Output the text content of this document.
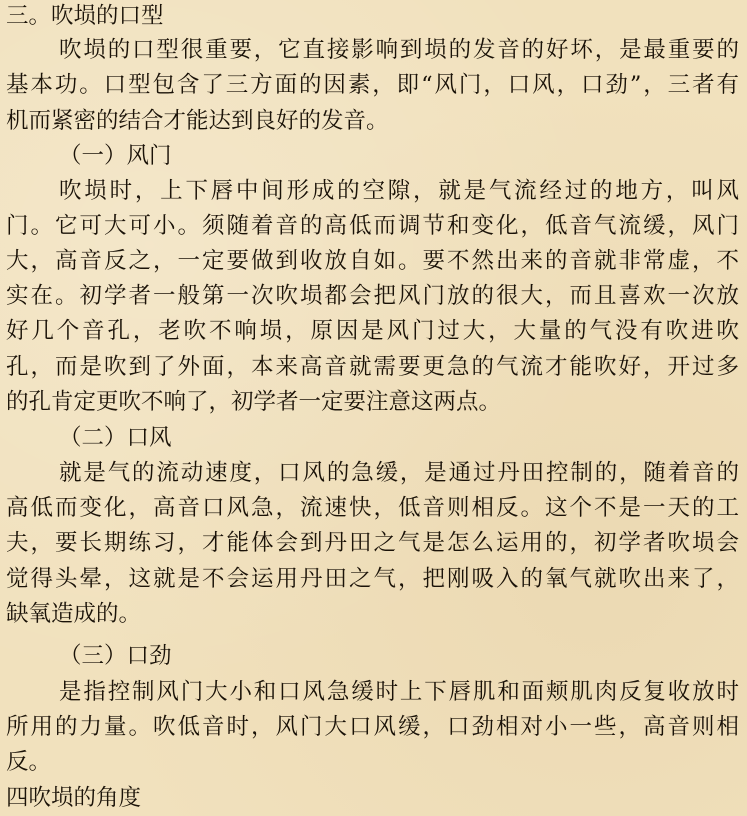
三。吹埙的口型
吹埙的口型很重要，它直接影响到埙的发音的好坏，是最重要的
基本功。口型包含了三方面的因素，即“风门，口风，口劲”，三者有
机而紧密的结合才能达到良好的发音。
（一）风门
吹埙时，上下唇中间形成的空隙，就是气流经过的地方，叫风
门。它可大可小。须随着音的高低而调节和变化，低音气流缓，风门
大，高音反之，一定要做到收放自如。要不然出来的音就非常虚，不
实在。初学者一般第一次吹埙都会把风门放的很大，而且喜欢一次放
好几个音孔，老吹不响埙，原因是风门过大，大量的气没有吹进吹
孔，而是吹到了外面，本来高音就需要更急的气流才能吹好，开过多
的孔肯定更吹不响了，初学者一定要注意这两点。
（二）口风
就是气的流动速度，口风的急缓，是通过丹田控制的，随着音的
高低而变化，高音口风急，流速快，低音则相反。这个不是一天的工
夫，要长期练习，才能体会到丹田之气是怎么运用的，初学者吹埙会
觉得头晕，这就是不会运用丹田之气，把刚吸入的氧气就吹出来了，
缺氧造成的。
（三）口劲
是指控制风门大小和口风急缓时上下唇肌和面颊肌肉反复收放时
所用的力量。吹低音时，风门大口风缓，口劲相对小一些，高音则相
反。
四吹埙的角度
